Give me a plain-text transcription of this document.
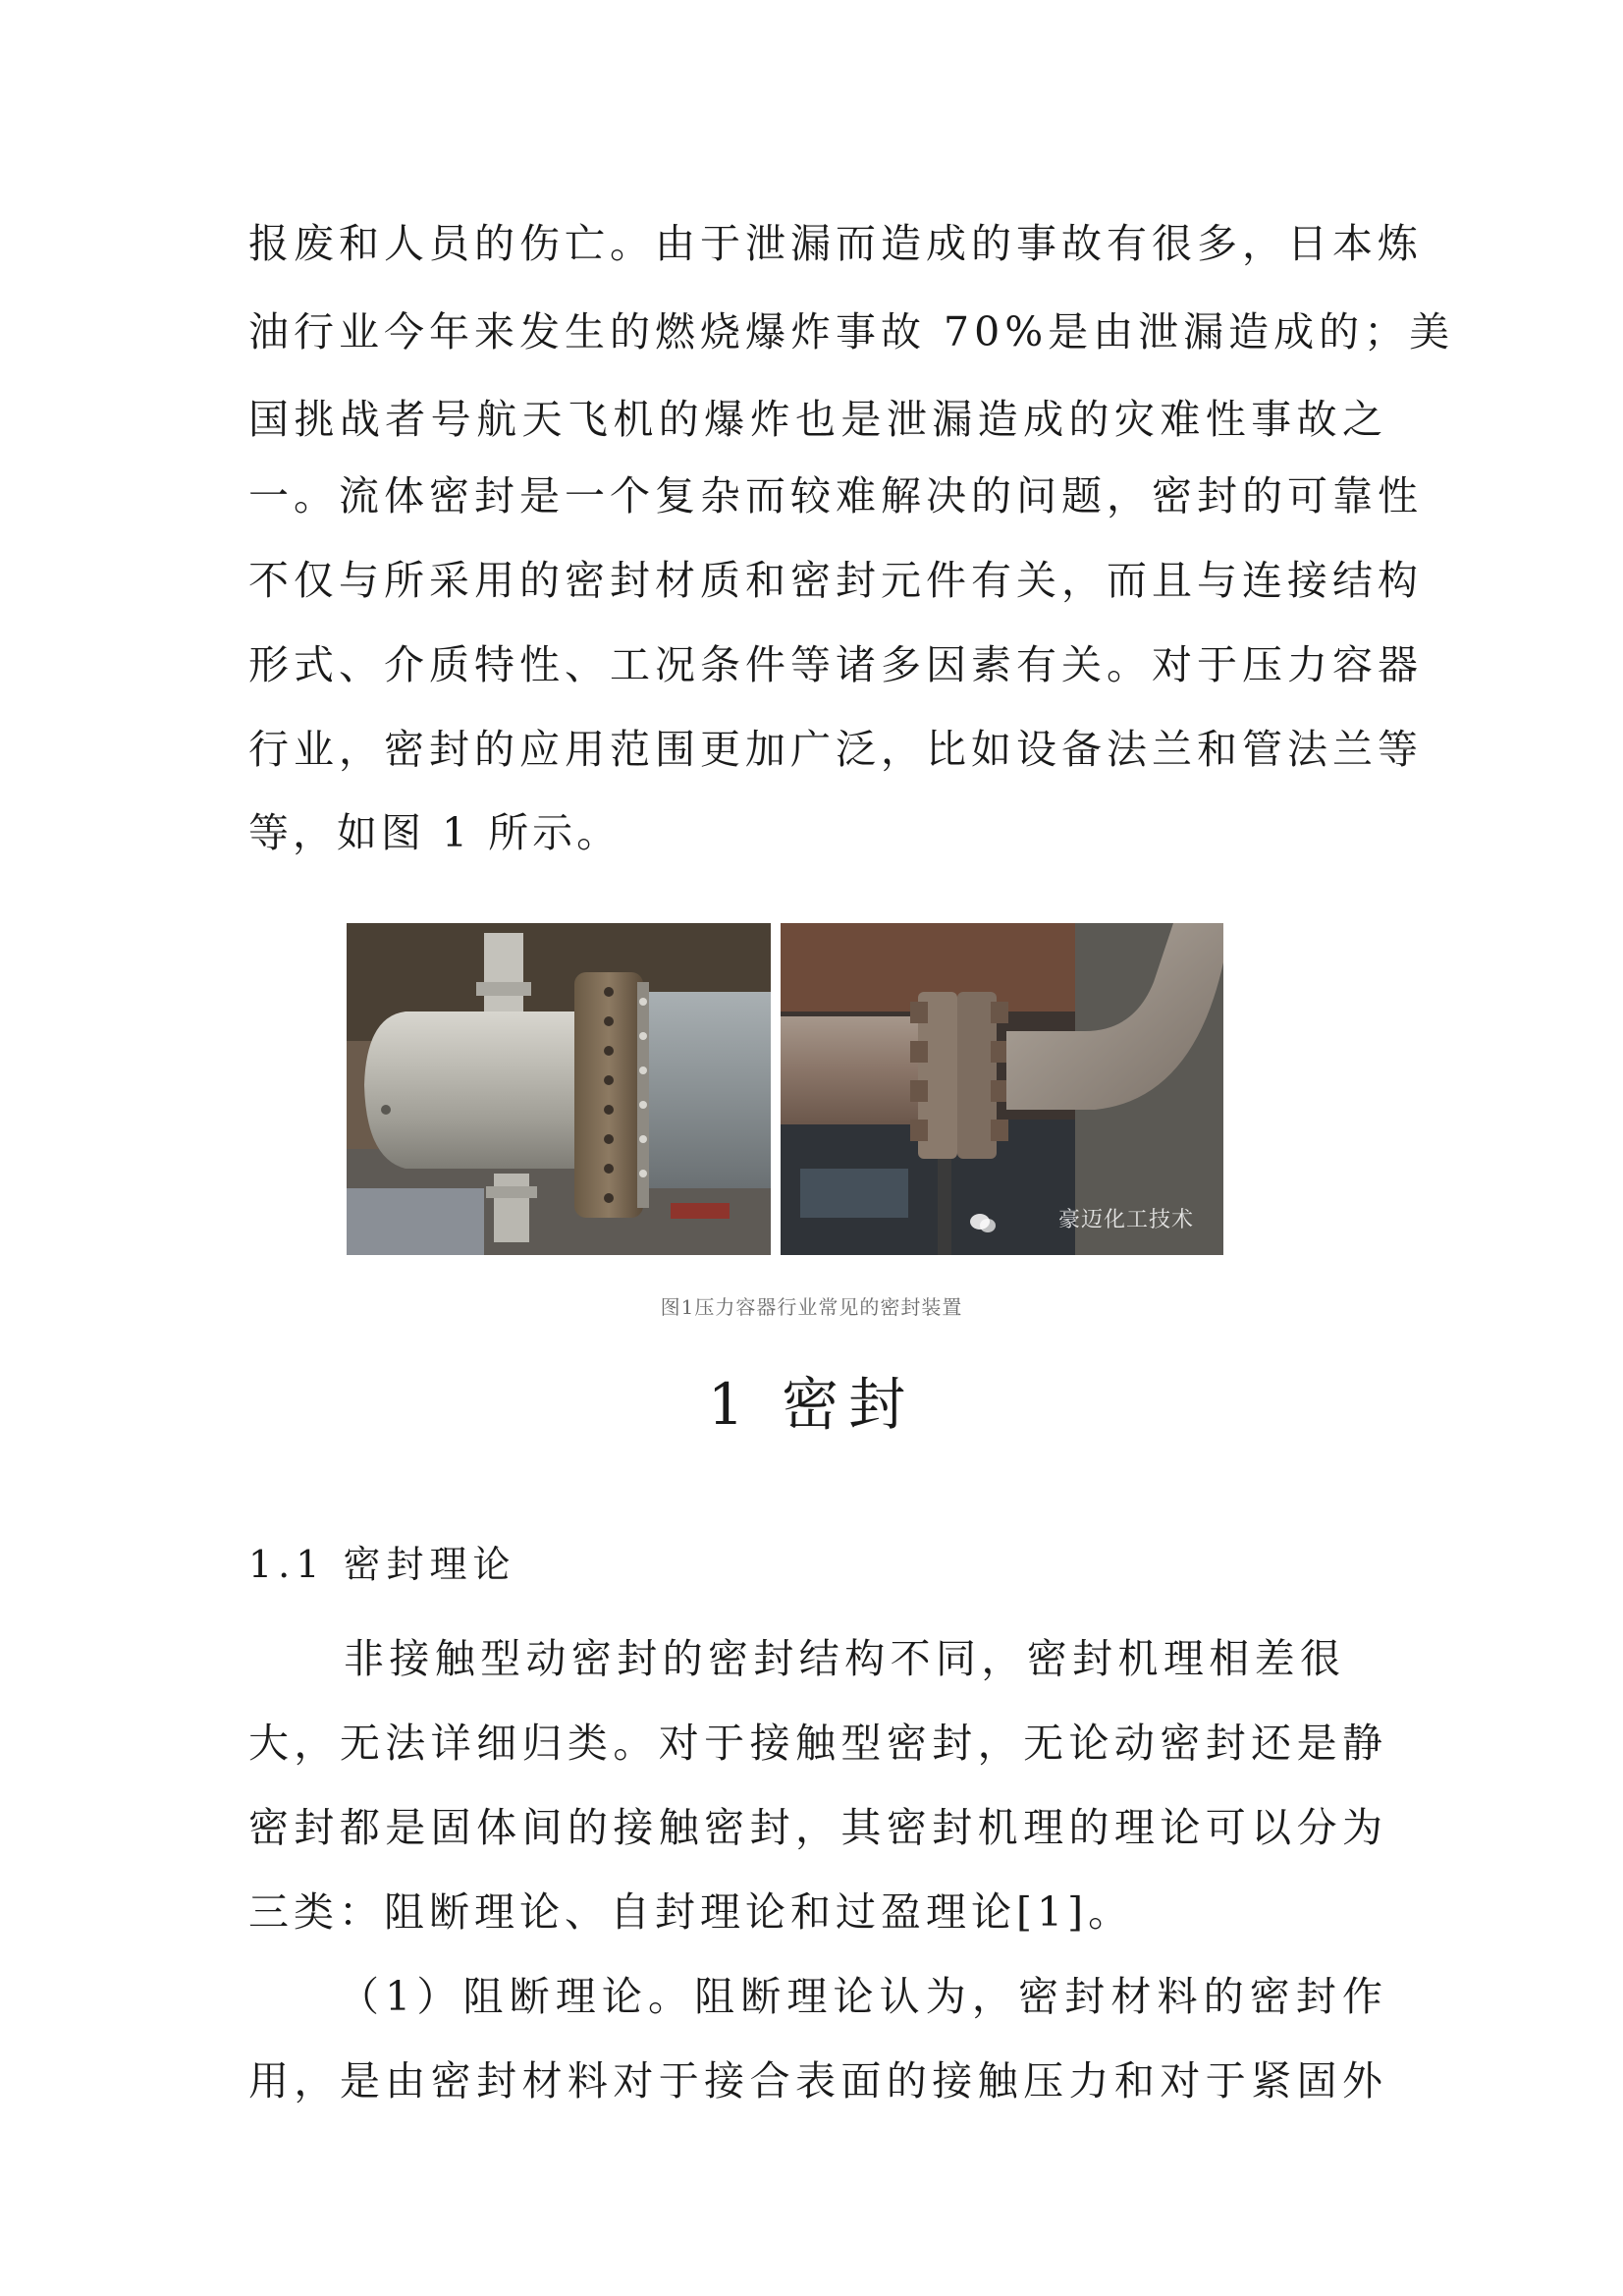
报废和人员的伤亡。由于泄漏而造成的事故有很多，日本炼
油行业今年来发生的燃烧爆炸事故 70%是由泄漏造成的；美
国挑战者号航天飞机的爆炸也是泄漏造成的灾难性事故之
一。流体密封是一个复杂而较难解决的问题，密封的可靠性
不仅与所采用的密封材质和密封元件有关，而且与连接结构
形式、介质特性、工况条件等诸多因素有关。对于压力容器
行业，密封的应用范围更加广泛，比如设备法兰和管法兰等
等，如图 1 所示。
豪迈化工技术
图1压力容器行业常见的密封装置
1 密封
1.1 密封理论
非接触型动密封的密封结构不同，密封机理相差很
大，无法详细归类。对于接触型密封，无论动密封还是静
密封都是固体间的接触密封，其密封机理的理论可以分为
三类：阻断理论、自封理论和过盈理论[1]。
（1）阻断理论。阻断理论认为，密封材料的密封作
用，是由密封材料对于接合表面的接触压力和对于紧固外
